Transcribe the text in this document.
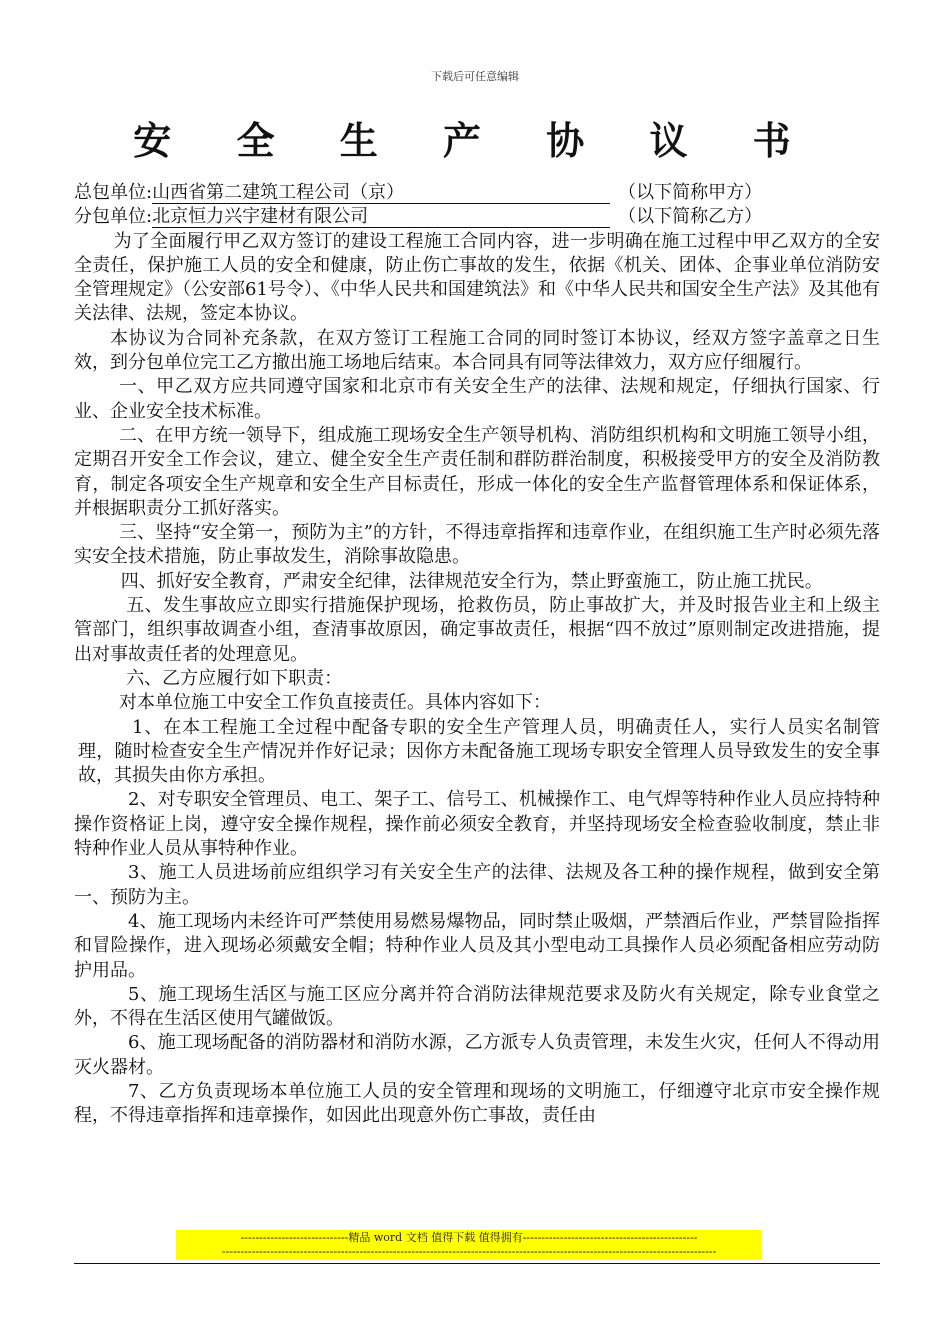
下载后可任意编辑
安 全 生 产 协 议 书
总包单位: 山西省第二建筑工程公司（京）	（以下简称甲方）
分包单位: 北京恒力兴宇建材有限公司	（以下简称乙方）

为了全面履行甲乙双方签订的建设工程施工合同内容，进一步明确在施工过程中甲乙双方的全安全责任，保护施工人员的安全和健康，防止伤亡事故的发生，依据《机关、团体、企事业单位消防安全管理规定》（公安部61号令）、《中华人民共和国建筑法》和《中华人民共和国安全生产法》及其他有关法律、法规，签定本协议。

本协议为合同补充条款，在双方签订工程施工合同的同时签订本协议，经双方签字盖章之日生效，到分包单位完工乙方撤出施工场地后结束。本合同具有同等法律效力，双方应仔细履行。

一、甲乙双方应共同遵守国家和北京市有关安全生产的法律、法规和规定，仔细执行国家、行业、企业安全技术标准。

二、在甲方统一领导下，组成施工现场安全生产领导机构、消防组织机构和文明施工领导小组，定期召开安全工作会议，建立、健全安全生产责任制和群防群治制度，积极接受甲方的安全及消防教育，制定各项安全生产规章和安全生产目标责任，形成一体化的安全生产监督管理体系和保证体系，并根据职责分工抓好落实。

三、坚持“安全第一，预防为主”的方针，不得违章指挥和违章作业，在组织施工生产时必须先落实安全技术措施，防止事故发生，消除事故隐患。

四、抓好安全教育，严肃安全纪律，法律规范安全行为，禁止野蛮施工，防止施工扰民。

五、发生事故应立即实行措施保护现场，抢救伤员，防止事故扩大，并及时报告业主和上级主管部门，组织事故调查小组，查清事故原因，确定事故责任，根据“四不放过”原则制定改进措施，提出对事故责任者的处理意见。

六、乙方应履行如下职责：

对本单位施工中安全工作负直接责任。具体内容如下：

1、在本工程施工全过程中配备专职的安全生产管理人员，明确责任人，实行人员实名制管理，随时检查安全生产情况并作好记录；因你方未配备施工现场专职安全管理人员导致发生的安全事故，其损失由你方承担。

2、对专职安全管理员、电工、架子工、信号工、机械操作工、电气焊等特种作业人员应持特种操作资格证上岗，遵守安全操作规程，操作前必须安全教育，并坚持现场安全检查验收制度，禁止非特种作业人员从事特种作业。

3、施工人员进场前应组织学习有关安全生产的法律、法规及各工种的操作规程，做到安全第一、预防为主。

4、施工现场内未经许可严禁使用易燃易爆物品，同时禁止吸烟，严禁酒后作业，严禁冒险指挥和冒险操作，进入现场必须戴安全帽；特种作业人员及其小型电动工具操作人员必须配备相应劳动防护用品。

5、施工现场生活区与施工区应分离并符合消防法律规范要求及防火有关规定，除专业食堂之外，不得在生活区使用气罐做饭。

6、施工现场配备的消防器材和消防水源，乙方派专人负责管理，未发生火灾，任何人不得动用灭火器材。

7、乙方负责现场本单位施工人员的安全管理和现场的文明施工，仔细遵守北京市安全操作规程，不得违章指挥和违章操作，如因此出现意外伤亡事故，责任由

-----------------------------精品 word 文档 值得下载 值得拥有-----------------------------------------------
-------------------------------------------------------------------------------------------------------------------------------------
